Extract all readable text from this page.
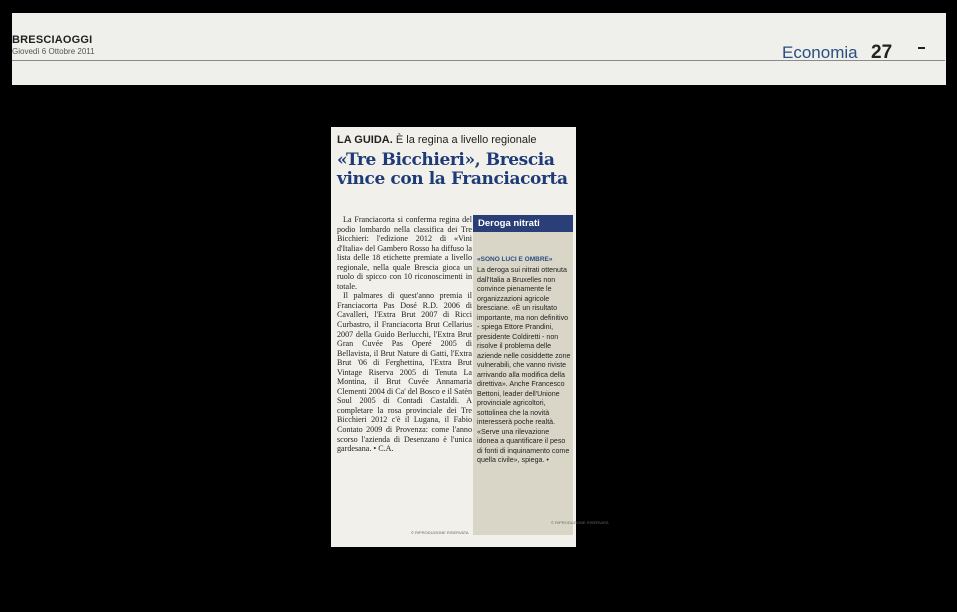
BRESCIAOGGI
Giovedì 6 Ottobre 2011	Economia 27
LA GUIDA. È la regina a livello regionale
«Tre Bicchieri», Brescia vince con la Franciacorta

La Franciacorta si conferma regina del podio lombardo nella classifica dei Tre Bicchieri: l'edizione 2012 di «Vini d'Italia» del Gambero Rosso ha diffuso la lista delle 18 etichette premiate a livello regionale, nella quale Brescia gioca un ruolo di spicco con 10 riconoscimenti in totale.

Il palmares di quest'anno premia il Franciacorta Pas Dosé R.D. 2006 di Cavalleri, l'Extra Brut 2007 di Ricci Curbastro, il Franciacorta Brut Cellarius 2007 della Guido Berlucchi, l'Extra Brut Gran Cuvée Pas Operé 2005 di Bellavista, il Brut Nature di Gatti, l'Extra Brut '06 di Ferghettina, l'Extra Brut Vintage Riserva 2005 di Tenuta La Montina, il Brut Cuvée Annamaria Clementi 2004 di Ca' del Bosco e il Satèn Soul 2005 di Contadi Castaldi. A completare la rosa provinciale dei Tre Bicchieri 2012 c'è il Lugana, il Fabio Contato 2009 di Provenza: come l'anno scorso l'azienda di Desenzano è l'unica gardesana. • C.A.

Deroga nitrati
«SONO LUCI E OMBRE»
La deroga sui nitrati ottenuta dall'Italia a Bruxelles non convince pienamente le organizzazioni agricole bresciane. «È un risultato importante, ma non definitivo - spiega Ettore Prandini, presidente Coldiretti - non risolve il problema delle aziende nelle cosiddette zone vulnerabili, che vanno riviste arrivando alla modifica della direttiva». Anche Francesco Bettoni, leader dell'Unione provinciale agricoltori, sottolinea che la novità interesserà poche realtà. «Serve una rilevazione idonea a quantificare il peso di fonti di inquinamento come quella civile», spiega. •
© RIPRODUZIONE RISERVATA
© RIPRODUZIONE RISERVATA
